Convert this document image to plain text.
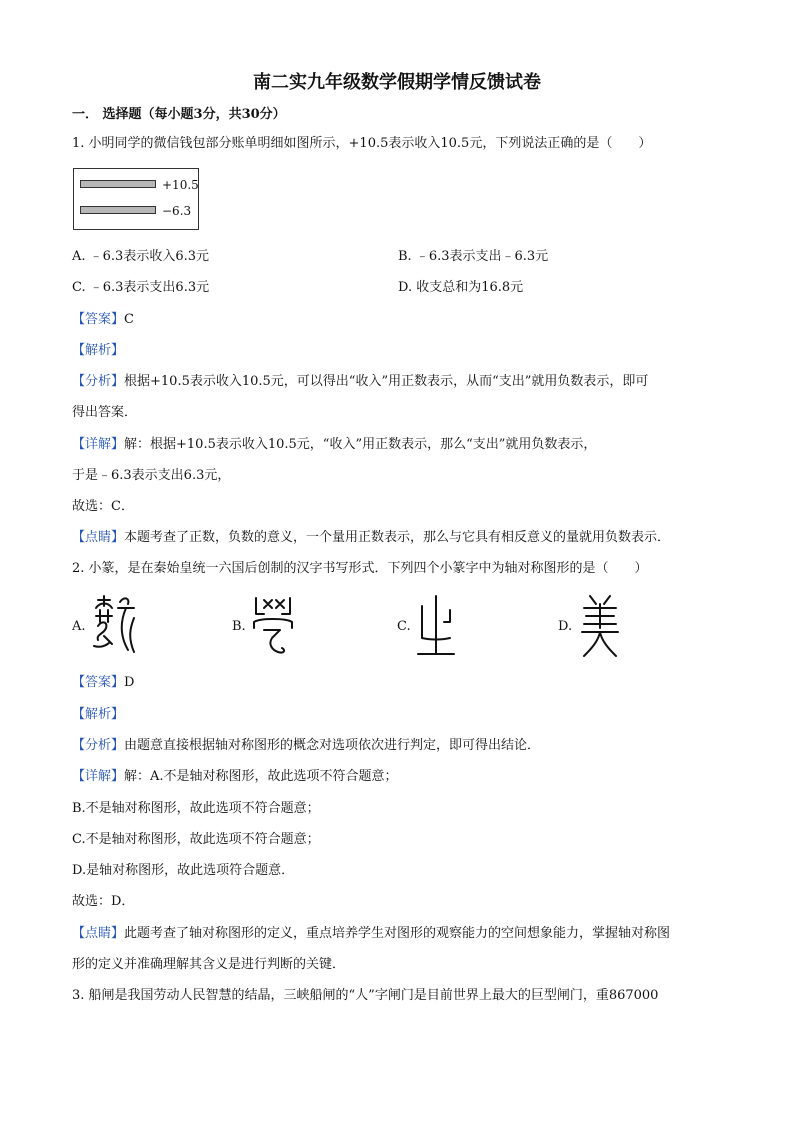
南二实九年级数学假期学情反馈试卷
一． 选择题（每小题3分，共30分）
1. 小明同学的微信钱包部分账单明细如图所示，+10.5表示收入10.5元，下列说法正确的是（　　）
+10.5
−6.3
A. ﹣6.3表示收入6.3元	B. ﹣6.3表示支出﹣6.3元
C. ﹣6.3表示支出6.3元	D. 收支总和为16.8元
【答案】C
【解析】
【分析】根据+10.5表示收入10.5元，可以得出“收入”用正数表示，从而“支出”就用负数表示，即可
得出答案．
【详解】解：根据+10.5表示收入10.5元，“收入”用正数表示，那么“支出”就用负数表示，
于是﹣6.3表示支出6.3元，
故选：C．
【点睛】本题考查了正数，负数的意义，一个量用正数表示，那么与它具有相反意义的量就用负数表示．
2. 小篆，是在秦始皇统一六国后创制的汉字书写形式．下列四个小篆字中为轴对称图形的是（　　）
A.	B.	C.	D.
【答案】D
【解析】
【分析】由题意直接根据轴对称图形的概念对选项依次进行判定，即可得出结论．
【详解】解：A.不是轴对称图形，故此选项不符合题意；
B.不是轴对称图形，故此选项不符合题意；
C.不是轴对称图形，故此选项不符合题意；
D.是轴对称图形，故此选项符合题意．
故选：D．
【点睛】此题考查了轴对称图形的定义，重点培养学生对图形的观察能力的空间想象能力，掌握轴对称图
形的定义并准确理解其含义是进行判断的关键．
3. 船闸是我国劳动人民智慧的结晶，三峡船闸的“人”字闸门是目前世界上最大的巨型闸门，重867000
